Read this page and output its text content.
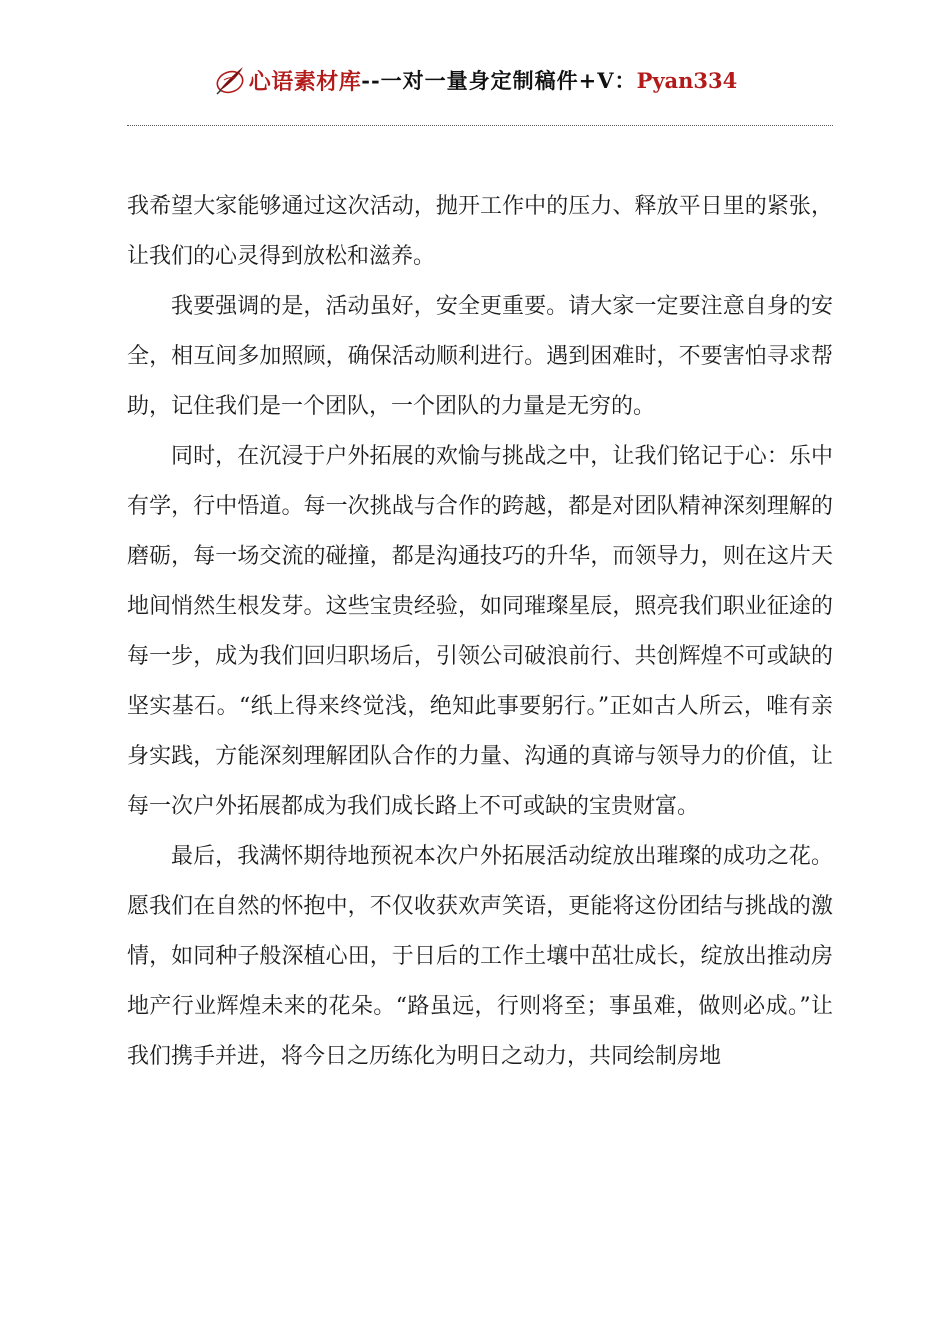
心语素材库 -- 一对一量身定制稿件+V： Pyan334

我希望大家能够通过这次活动，抛开工作中的压力、释放平日里的紧张，让我们的心灵得到放松和滋养。

我要强调的是，活动虽好，安全更重要。请大家一定要注意自身的安全，相互间多加照顾，确保活动顺利进行。遇到困难时，不要害怕寻求帮助，记住我们是一个团队，一个团队的力量是无穷的。

同时，在沉浸于户外拓展的欢愉与挑战之中，让我们铭记于心：乐中有学，行中悟道。每一次挑战与合作的跨越，都是对团队精神深刻理解的磨砺，每一场交流的碰撞，都是沟通技巧的升华，而领导力，则在这片天地间悄然生根发芽。这些宝贵经验，如同璀璨星辰，照亮我们职业征途的每一步，成为我们回归职场后，引领公司破浪前行、共创辉煌不可或缺的坚实基石。“纸上得来终觉浅，绝知此事要躬行。”正如古人所云，唯有亲身实践，方能深刻理解团队合作的力量、沟通的真谛与领导力的价值，让每一次户外拓展都成为我们成长路上不可或缺的宝贵财富。

最后，我满怀期待地预祝本次户外拓展活动绽放出璀璨的成功之花。愿我们在自然的怀抱中，不仅收获欢声笑语，更能将这份团结与挑战的激情，如同种子般深植心田，于日后的工作土壤中茁壮成长，绽放出推动房地产行业辉煌未来的花朵。“路虽远，行则将至；事虽难，做则必成。”让我们携手并进，将今日之历练化为明日之动力，共同绘制房地
